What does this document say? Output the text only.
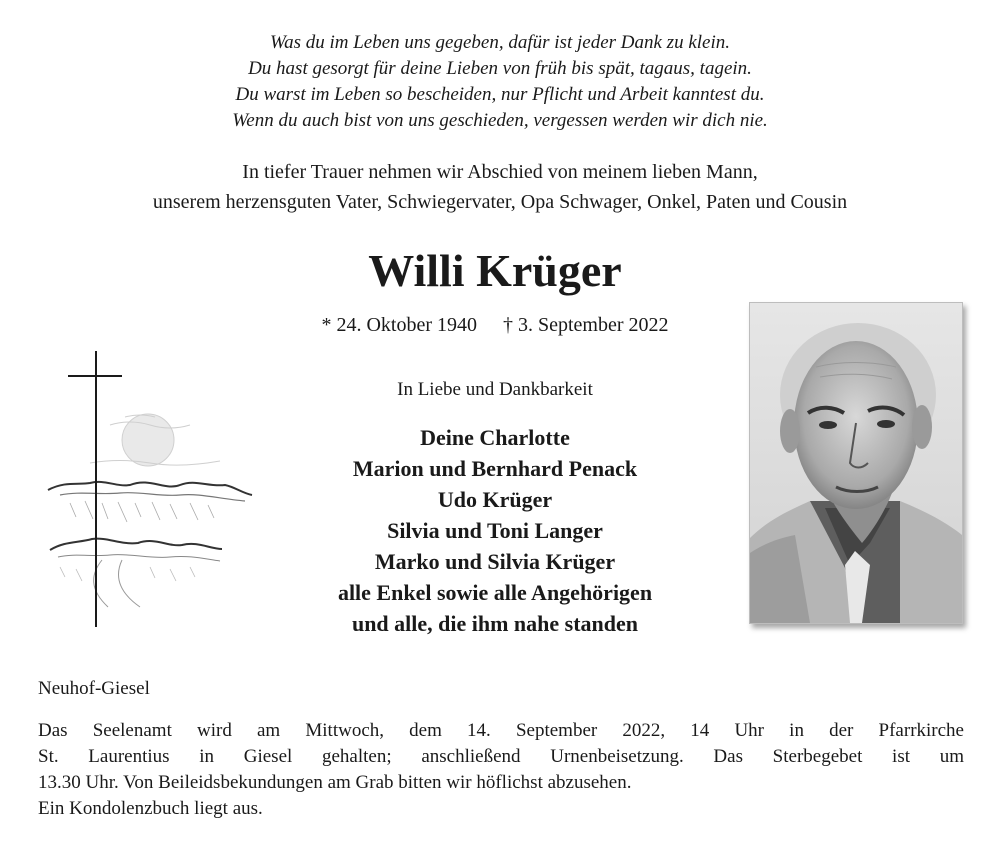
Was du im Leben uns gegeben, dafür ist jeder Dank zu klein.
Du hast gesorgt für deine Lieben von früh bis spät, tagaus, tagein.
Du warst im Leben so bescheiden, nur Pflicht und Arbeit kanntest du.
Wenn du auch bist von uns geschieden, vergessen werden wir dich nie.
In tiefer Trauer nehmen wir Abschied von meinem lieben Mann,
unserem herzensguten Vater, Schwiegervater, Opa Schwager, Onkel, Paten und Cousin
Willi Krüger
* 24. Oktober 1940 † 3. September 2022
In Liebe und Dankbarkeit
Deine Charlotte
Marion und Bernhard Penack
Udo Krüger
Silvia und Toni Langer
Marko und Silvia Krüger
alle Enkel sowie alle Angehörigen
und alle, die ihm nahe standen
Neuhof-Giesel
Das Seelenamt wird am Mittwoch, dem 14. September 2022, 14 Uhr in der Pfarrkirche
St. Laurentius in Giesel gehalten; anschließend Urnenbeisetzung. Das Sterbegebet ist um
13.30 Uhr. Von Beileidsbekundungen am Grab bitten wir höflichst abzusehen.
Ein Kondolenzbuch liegt aus.
